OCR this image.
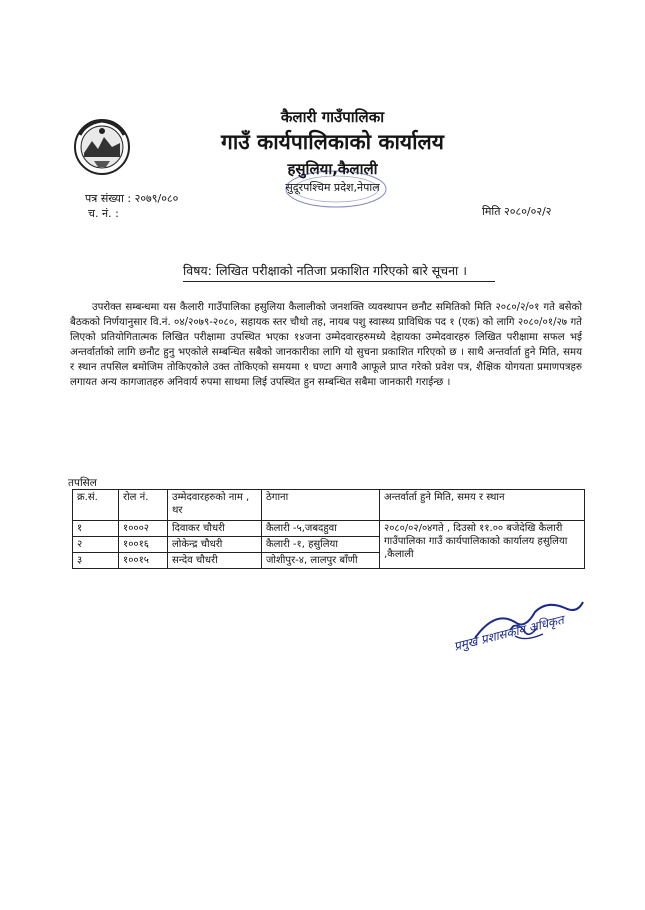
कैलारी गाउँपालिका
गाउँ कार्यपालिकाको कार्यालय
हसुलिया,कैलाली
सुदूरपश्चिम प्रदेश,नेपाल
पत्र संख्या : २०७९/०८०
च. नं. :	मिति २०८०/०२/२
विषय: लिखित परीक्षाको नतिजा प्रकाशित गरिएको बारे सूचना ।
उपरोक्त सम्बन्धमा यस कैलारी गाउँपालिका हसुलिया कैलालीको जनशक्ति व्यवस्थापन छनौट समितिको मिति २०८०/२/०१ गते बसेको बैठकको निर्णयानुसार वि.नं. ०४/२०७९-२०८०, सहायक स्तर चौथो तह, नायब पशु स्वास्थ्य प्राविधिक पद १ (एक) को लागि २०८०/०१/२७ गते लिएको प्रतियोगितात्मक लिखित परीक्षामा उपस्थित भएका १४जना उम्मेदवारहरुमध्ये देहायका उम्मेदवारहरु लिखित परीक्षामा सफल भई अन्तर्वार्ताको लागि छनौट हुनु भएकोले सम्बन्धित सबैको जानकारीका लागि यो सुचना प्रकाशित गरिएको छ । साथै अन्तर्वार्ता हुने मिति, समय र स्थान तपसिल बमोजिम तोकिएकोले उक्त तोकिएको समयमा १ घण्टा अगावै आफूले प्राप्त गरेको प्रवेश पत्र, शैक्षिक योगयता प्रमाणपत्रहरु लगायत अन्य कागजातहरु अनिवार्य रुपमा साथमा लिई उपस्थित हुन सम्बन्धित सबैमा जानकारी गराईन्छ ।
तपसिल
क्र.सं.	रोल नं.	उम्मेदवारहरुको नाम , थर	ठेगाना	अन्तर्वार्ता हुने मिति, समय र स्थान
१	१०००२	दिवाकर चौधरी	कैलारी -५,जबदहुवा	२०८०/०२/०४गते , दिउसो ११.०० बजेदेखि कैलारी गाउँपालिका गाउँ कार्यपालिकाको कार्यालय हसुलिया ,कैलाली
२	१००१६	लोकेन्द्र चौधरी	कैलारी -१, हसुलिया	
३	१००१५	सन्देव चौधरी	जोशीपुर-४, लालपुर बाँणी	
प्रमुख प्रशासकीय अधिकृत
